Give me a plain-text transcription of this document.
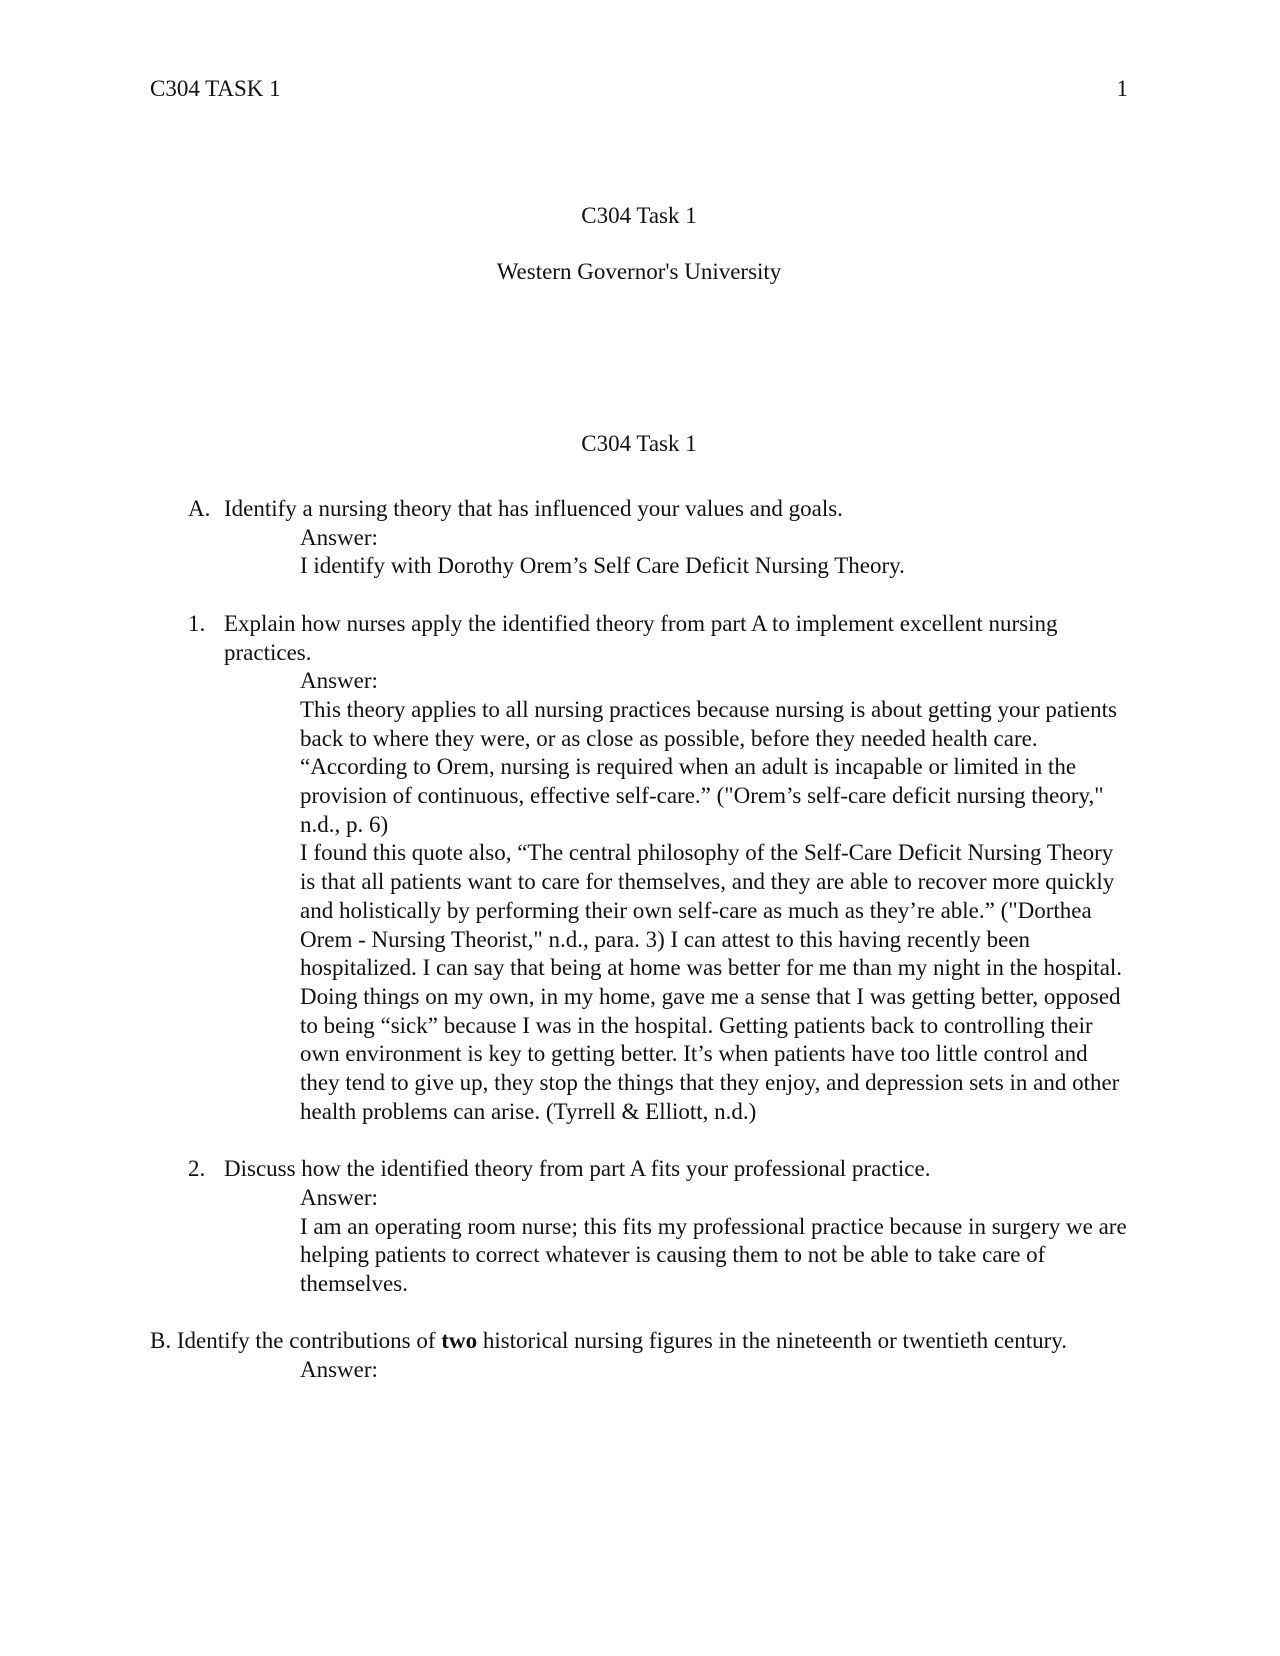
C304 TASK 1	1
C304 Task 1
Western Governor's University
C304 Task 1
A. Identify a nursing theory that has influenced your values and goals.

Answer:

I identify with Dorothy Orem’s Self Care Deficit Nursing Theory.

1. Explain how nurses apply the identified theory from part A to implement excellent nursing practices.

Answer:

This theory applies to all nursing practices because nursing is about getting your patients back to where they were, or as close as possible, before they needed health care. “According to Orem, nursing is required when an adult is incapable or limited in the provision of continuous, effective self-care.” ("Orem’s self-care deficit nursing theory," n.d., p. 6)

I found this quote also, “The central philosophy of the Self-Care Deficit Nursing Theory is that all patients want to care for themselves, and they are able to recover more quickly and holistically by performing their own self-care as much as they’re able.” ("Dorthea Orem - Nursing Theorist," n.d., para. 3) I can attest to this having recently been hospitalized. I can say that being at home was better for me than my night in the hospital. Doing things on my own, in my home, gave me a sense that I was getting better, opposed to being “sick” because I was in the hospital. Getting patients back to controlling their own environment is key to getting better. It’s when patients have too little control and they tend to give up, they stop the things that they enjoy, and depression sets in and other health problems can arise. (Tyrrell & Elliott, n.d.)

2. Discuss how the identified theory from part A fits your professional practice.

Answer:

I am an operating room nurse; this fits my professional practice because in surgery we are helping patients to correct whatever is causing them to not be able to take care of themselves.

B. Identify the contributions of two historical nursing figures in the nineteenth or twentieth century.

Answer:
